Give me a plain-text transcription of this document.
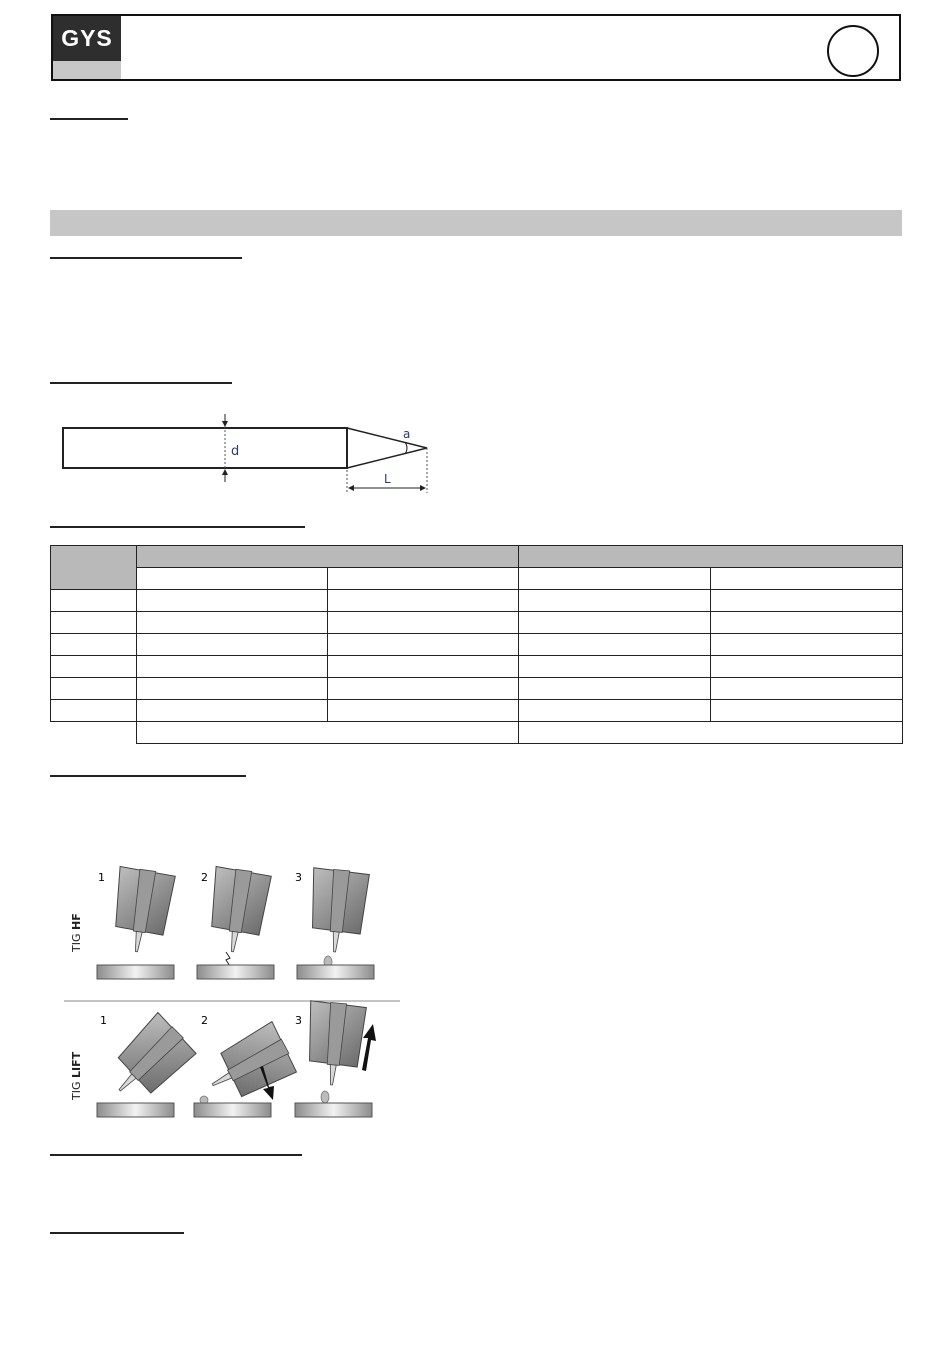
GYS
d
a
L

TIG HF
1	2	3
TIG LIFT
1	2	3
